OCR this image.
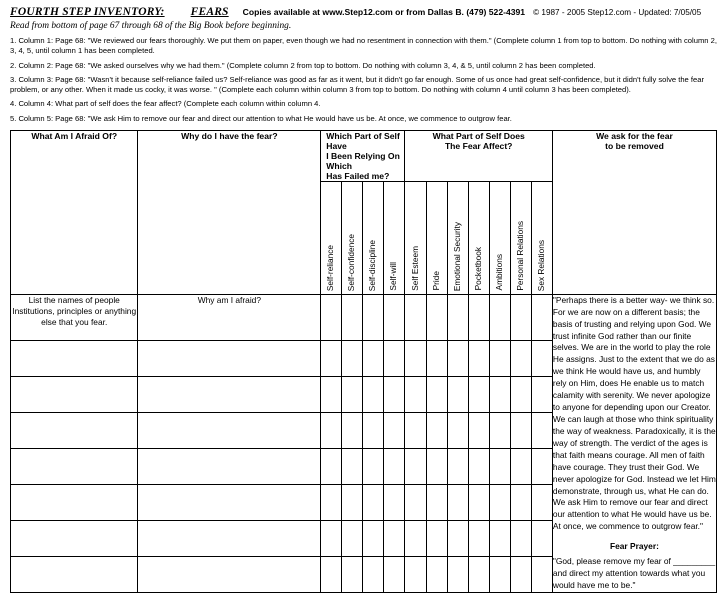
FOURTH STEP INVENTORY: FEARS Copies available at www.Step12.com or from Dallas B. (479) 522-4391 © 1987 - 2005 Step12.com - Updated: 7/05/05
Read from bottom of page 67 through 68 of the Big Book before beginning.
1. Column 1: Page 68: "We reviewed our fears thoroughly. We put them on paper, even though we had no resentment in connection with them." (Complete column 1 from top to bottom. Do nothing with column 2, 3, 4, 5, until column 1 has been completed.
2. Column 2: Page 68: "We asked ourselves why we had them." (Complete column 2 from top to bottom. Do nothing with column 3, 4, & 5, until column 2 has been completed.
3. Column 3: Page 68: "Wasn't it because self-reliance failed us? Self-reliance was good as far as it went, but it didn't go far enough. Some of us once had great self-confidence, but it didn't fully solve the fear problem, or any other. When it made us cocky, it was worse. " (Complete each column within column 3 from top to bottom. Do nothing with column 4 until column 3 has been completed).
4. Column 4: What part of self does the fear affect? (Complete each column within column 4.
5. Column 5: Page 68: "We ask Him to remove our fear and direct our attention to what He would have us be. At once, we commence to outgrow fear.
What Am I Afraid Of?	Why do I have the fear?	Which Part of Self Have
I Been Relying On Which
Has Failed me?				What Part of Self Does
The Fear Affect?							We ask for the fear
to be removed

		Self-reliance	Self-confidence	Self-discipline	Self-will	Self Esteem	Pride	Emotional Security	Pocketbook	Ambitions	Personal Relations	Sex Relations	

List the names of people Institutions, principles or anything else that you fear.	Why am I afraid?												"Perhaps there is a better way- we think so. For we are now on a different basis; the basis of trusting and relying upon God. We trust infinite God rather than our finite selves. We are in the world to play the role He assigns. Just to the extent that we do as we think He would have us, and humbly rely on Him, does He enable us to match calamity with serenity. We never apologize to anyone for depending upon our Creator. We can laugh at those who think spirituality the way of weakness. Paradoxically, it is the way of strength. The verdict of the ages is that faith means courage. All men of faith have courage. They trust their God. We never apologize for God. Instead we let Him demonstrate, through us, what He can do. We ask Him to remove our fear and direct our attention to what He would have us be. At once, we commence to outgrow fear."

Fear Prayer:

"God, please remove my fear of _________ and direct my attention towards what you would have me to be."
